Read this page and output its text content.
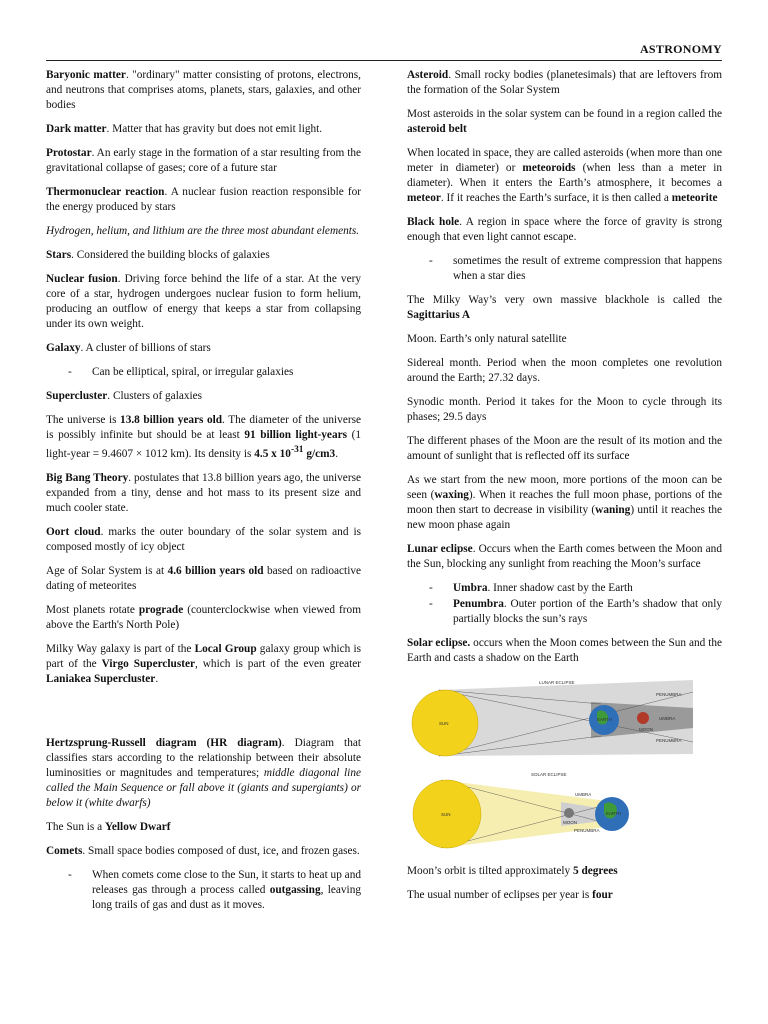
ASTRONOMY

Baryonic matter. "ordinary" matter consisting of protons, electrons, and neutrons that comprises atoms, planets, stars, galaxies, and other bodies

Dark matter. Matter that has gravity but does not emit light.

Protostar. An early stage in the formation of a star resulting from the gravitational collapse of gases; core of a future star

Thermonuclear reaction. A nuclear fusion reaction responsible for the energy produced by stars

Hydrogen, helium, and lithium are the three most abundant elements.

Stars. Considered the building blocks of galaxies

Nuclear fusion. Driving force behind the life of a star. At the very core of a star, hydrogen undergoes nuclear fusion to form helium, producing an outflow of energy that keeps a star from collapsing under its own weight.

Galaxy. A cluster of billions of stars

- Can be elliptical, spiral, or irregular galaxies

Supercluster. Clusters of galaxies

The universe is 13.8 billion years old. The diameter of the universe is possibly infinite but should be at least 91 billion light-years (1 light-year = 9.4607 × 1012 km). Its density is 4.5 x $10^{-31}$ g/cm3.

Big Bang Theory. postulates that 13.8 billion years ago, the universe expanded from a tiny, dense and hot mass to its present size and much cooler state.

Oort cloud. marks the outer boundary of the solar system and is composed mostly of icy object

Age of Solar System is at 4.6 billion years old based on radioactive dating of meteorites

Most planets rotate prograde (counterclockwise when viewed from above the Earth's North Pole)

Milky Way galaxy is part of the Local Group galaxy group which is part of the Virgo Supercluster, which is part of the even greater Laniakea Supercluster.

Hertzsprung-Russell diagram (HR diagram). Diagram that classifies stars according to the relationship between their absolute luminosities or magnitudes and temperatures; middle diagonal line called the Main Sequence or fall above it (giants and supergiants) or below it (white dwarfs)

The Sun is a Yellow Dwarf

Comets. Small space bodies composed of dust, ice, and frozen gases.

- When comets come close to the Sun, it starts to heat up and releases gas through a process called outgassing, leaving long trails of gas and dust as it moves.

Asteroid. Small rocky bodies (planetesimals) that are leftovers from the formation of the Solar System

Most asteroids in the solar system can be found in a region called the asteroid belt

When located in space, they are called asteroids (when more than one meter in diameter) or meteoroids (when less than a meter in diameter). When it enters the Earth’s atmosphere, it becomes a meteor. If it reaches the Earth’s surface, it is then called a meteorite

Black hole. A region in space where the force of gravity is strong enough that even light cannot escape.

- sometimes the result of extreme compression that happens when a star dies

The Milky Way’s very own massive blackhole is called the Sagittarius A

Moon. Earth’s only natural satellite

Sidereal month. Period when the moon completes one revolution around the Earth; 27.32 days.

Synodic month. Period it takes for the Moon to cycle through its phases; 29.5 days

The different phases of the Moon are the result of its motion and the amount of sunlight that is reflected off its surface

As we start from the new moon, more portions of the moon can be seen (waxing). When it reaches the full moon phase, portions of the moon then start to decrease in visibility (waning) until it reaches the new moon phase again

Lunar eclipse. Occurs when the Earth comes between the Moon and the Sun, blocking any sunlight from reaching the Moon’s surface

- Umbra. Inner shadow cast by the Earth
- Penumbra. Outer portion of the Earth’s shadow that only partially blocks the sun’s rays

Solar eclipse. occurs when the Moon comes between the Sun and the Earth and casts a shadow on the Earth

LUNAR ECLIPSE
SUN
EARTH
MOON
PENUMBRA
UMBRA
PENUMBRA
SOLAR ECLIPSE
SUN
MOON
UMBRA
PENUMBRA
EARTH

Moon’s orbit is tilted approximately 5 degrees

The usual number of eclipses per year is four
